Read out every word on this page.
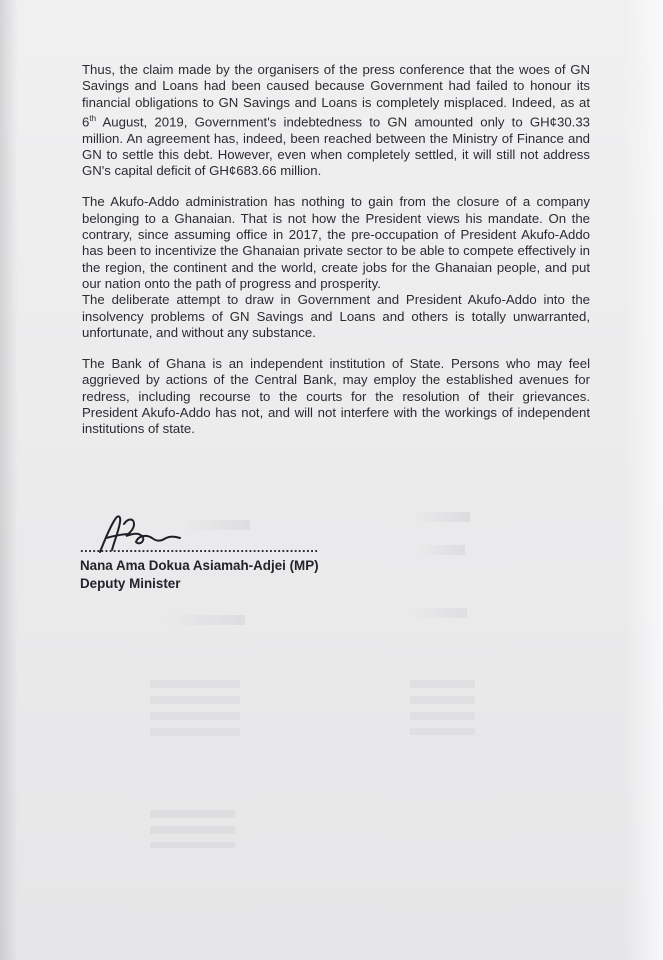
Thus, the claim made by the organisers of the press conference that the woes of GN Savings and Loans had been caused because Government had failed to honour its financial obligations to GN Savings and Loans is completely misplaced. Indeed, as at 6th August, 2019, Government's indebtedness to GN amounted only to GH¢30.33 million. An agreement has, indeed, been reached between the Ministry of Finance and GN to settle this debt. However, even when completely settled, it will still not address GN's capital deficit of GH¢683.66 million.

The Akufo-Addo administration has nothing to gain from the closure of a company belonging to a Ghanaian. That is not how the President views his mandate. On the contrary, since assuming office in 2017, the pre-occupation of President Akufo-Addo has been to incentivize the Ghanaian private sector to be able to compete effectively in the region, the continent and the world, create jobs for the Ghanaian people, and put our nation onto the path of progress and prosperity.

The deliberate attempt to draw in Government and President Akufo-Addo into the insolvency problems of GN Savings and Loans and others is totally unwarranted, unfortunate, and without any substance.

The Bank of Ghana is an independent institution of State. Persons who may feel aggrieved by actions of the Central Bank, may employ the established avenues for redress, including recourse to the courts for the resolution of their grievances. President Akufo-Addo has not, and will not interfere with the workings of independent institutions of state.

..........................................................
Nana Ama Dokua Asiamah-Adjei (MP)
Deputy Minister
